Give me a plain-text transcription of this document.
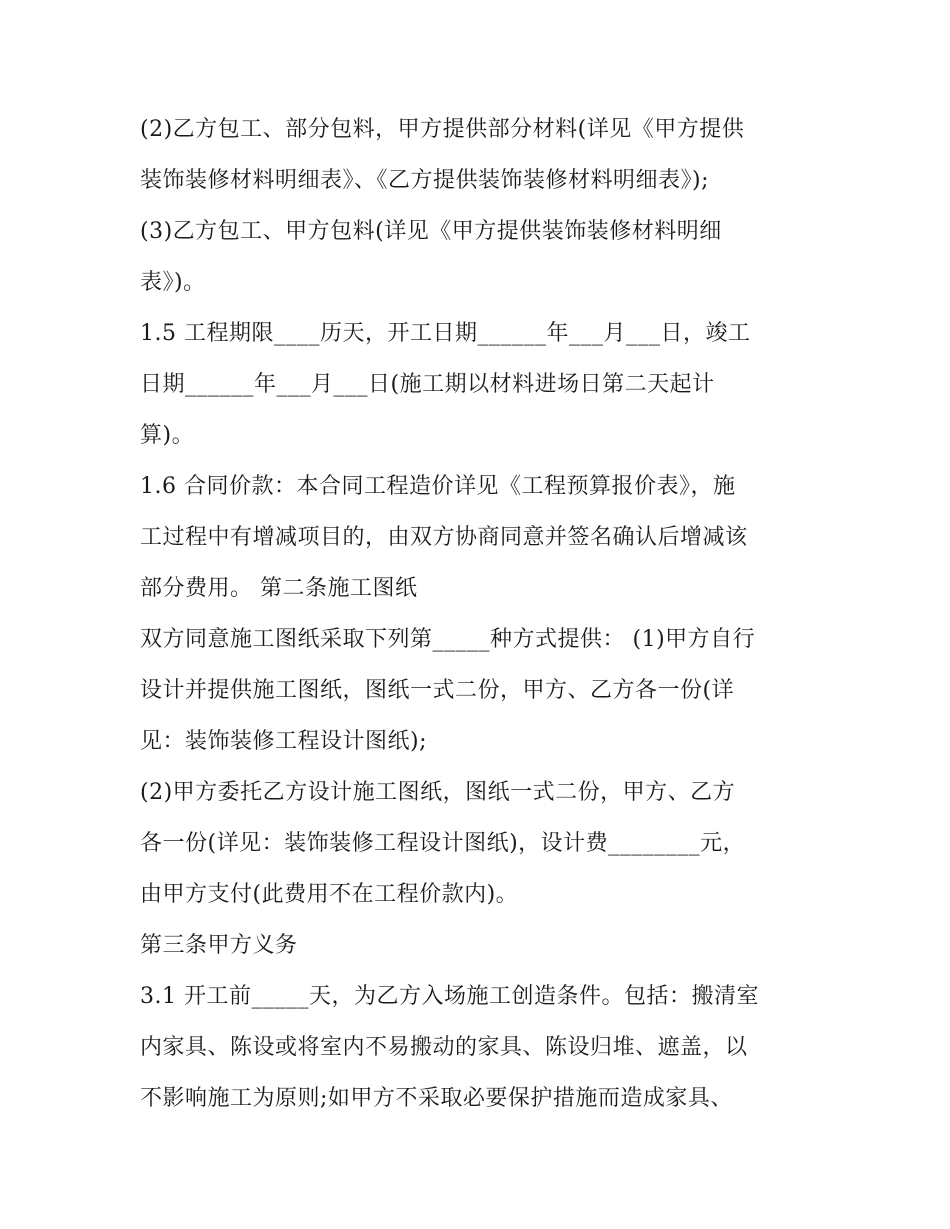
(2)乙方包工、部分包料，甲方提供部分材料(详见《甲方提供
装饰装修材料明细表》、《乙方提供装饰装修材料明细表》);
(3)乙方包工、甲方包料(详见《甲方提供装饰装修材料明细
表》)。
1.5 工程期限____历天，开工日期______年___月___日，竣工
日期______年___月___日(施工期以材料进场日第二天起计
算)。
1.6 合同价款：本合同工程造价详见《工程预算报价表》，施
工过程中有增减项目的，由双方协商同意并签名确认后增减该
部分费用。 第二条施工图纸
双方同意施工图纸采取下列第_____种方式提供： (1)甲方自行
设计并提供施工图纸，图纸一式二份，甲方、乙方各一份(详
见：装饰装修工程设计图纸);
(2)甲方委托乙方设计施工图纸，图纸一式二份，甲方、乙方
各一份(详见：装饰装修工程设计图纸)，设计费________元，
由甲方支付(此费用不在工程价款内)。
第三条甲方义务
3.1 开工前_____天，为乙方入场施工创造条件。包括：搬清室
内家具、陈设或将室内不易搬动的家具、陈设归堆、遮盖，以
不影响施工为原则;如甲方不采取必要保护措施而造成家具、
